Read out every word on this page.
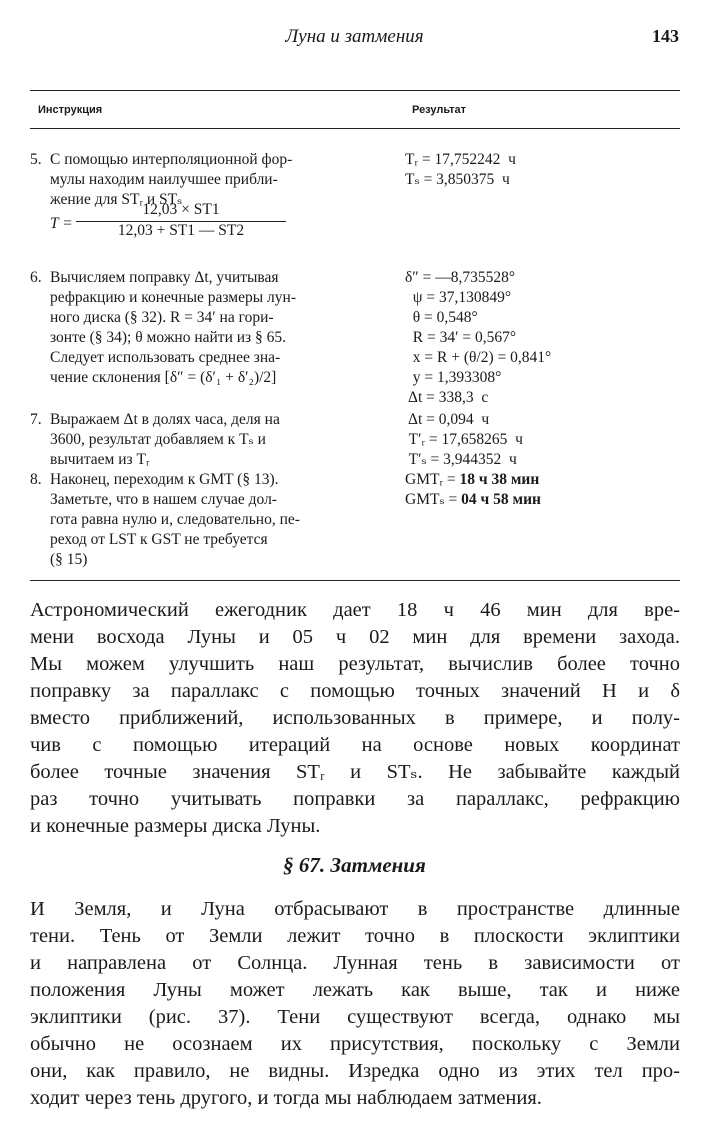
Луна и затмения	143
Инструкция	Результат
5. С помощью интерполяционной фор-
мулы находим наилучшее прибли-
жение для STᵣ и STₛ
6. Вычисляем поправку Δt, учитывая
рефракцию и конечные размеры лун-
ного диска (§ 32). R = 34′ на гори-
зонте (§ 34); θ можно найти из § 65.
Следует использовать среднее зна-
чение склонения [δ″ = (δ′₁ + δ′₂)/2]
7. Выражаем Δt в долях часа, деля на
3600, результат добавляем к Tₛ и
вычитаем из Tᵣ
8. Наконец, переходим к GMT (§ 13).
Заметьте, что в нашем случае дол-
гота равна нулю и, следовательно, пе-
реход от LST к GST не требуется
(§ 15)
Tᵣ = 17,752242  ч
Tₛ = 3,850375  ч
δ″ = —8,735528°
ψ = 37,130849°
θ = 0,548°
R = 34′ = 0,567°
x = R + (θ/2) = 0,841°
y = 1,393308°
Δt = 338,3  с
Δt = 0,094  ч
T′ᵣ = 17,658265  ч
T′ₛ = 3,944352  ч
GMTᵣ = 18 ч 38 мин
GMTₛ = 04 ч 58 мин
$T = \frac{12,03 \times ST1}{12,03 + ST1 — ST2}$
Астрономический ежегодник дает 18 ч 46 мин для вре-
мени восхода Луны и 05 ч 02 мин для времени захода.
Мы можем улучшить наш результат, вычислив более точно
поправку за параллакс с помощью точных значений H и δ
вместо приближений, использованных в примере, и полу-
чив с помощью итераций на основе новых координат
более точные значения STᵣ и STₛ. Не забывайте каждый
раз точно учитывать поправки за параллакс, рефракцию
и конечные размеры диска Луны.
§ 67. Затмения
И Земля, и Луна отбрасывают в пространстве длинные
тени. Тень от Земли лежит точно в плоскости эклиптики
и направлена от Солнца. Лунная тень в зависимости от
положения Луны может лежать как выше, так и ниже
эклиптики (рис. 37). Тени существуют всегда, однако мы
обычно не осознаем их присутствия, поскольку с Земли
они, как правило, не видны. Изредка одно из этих тел про-
ходит через тень другого, и тогда мы наблюдаем затмения.
